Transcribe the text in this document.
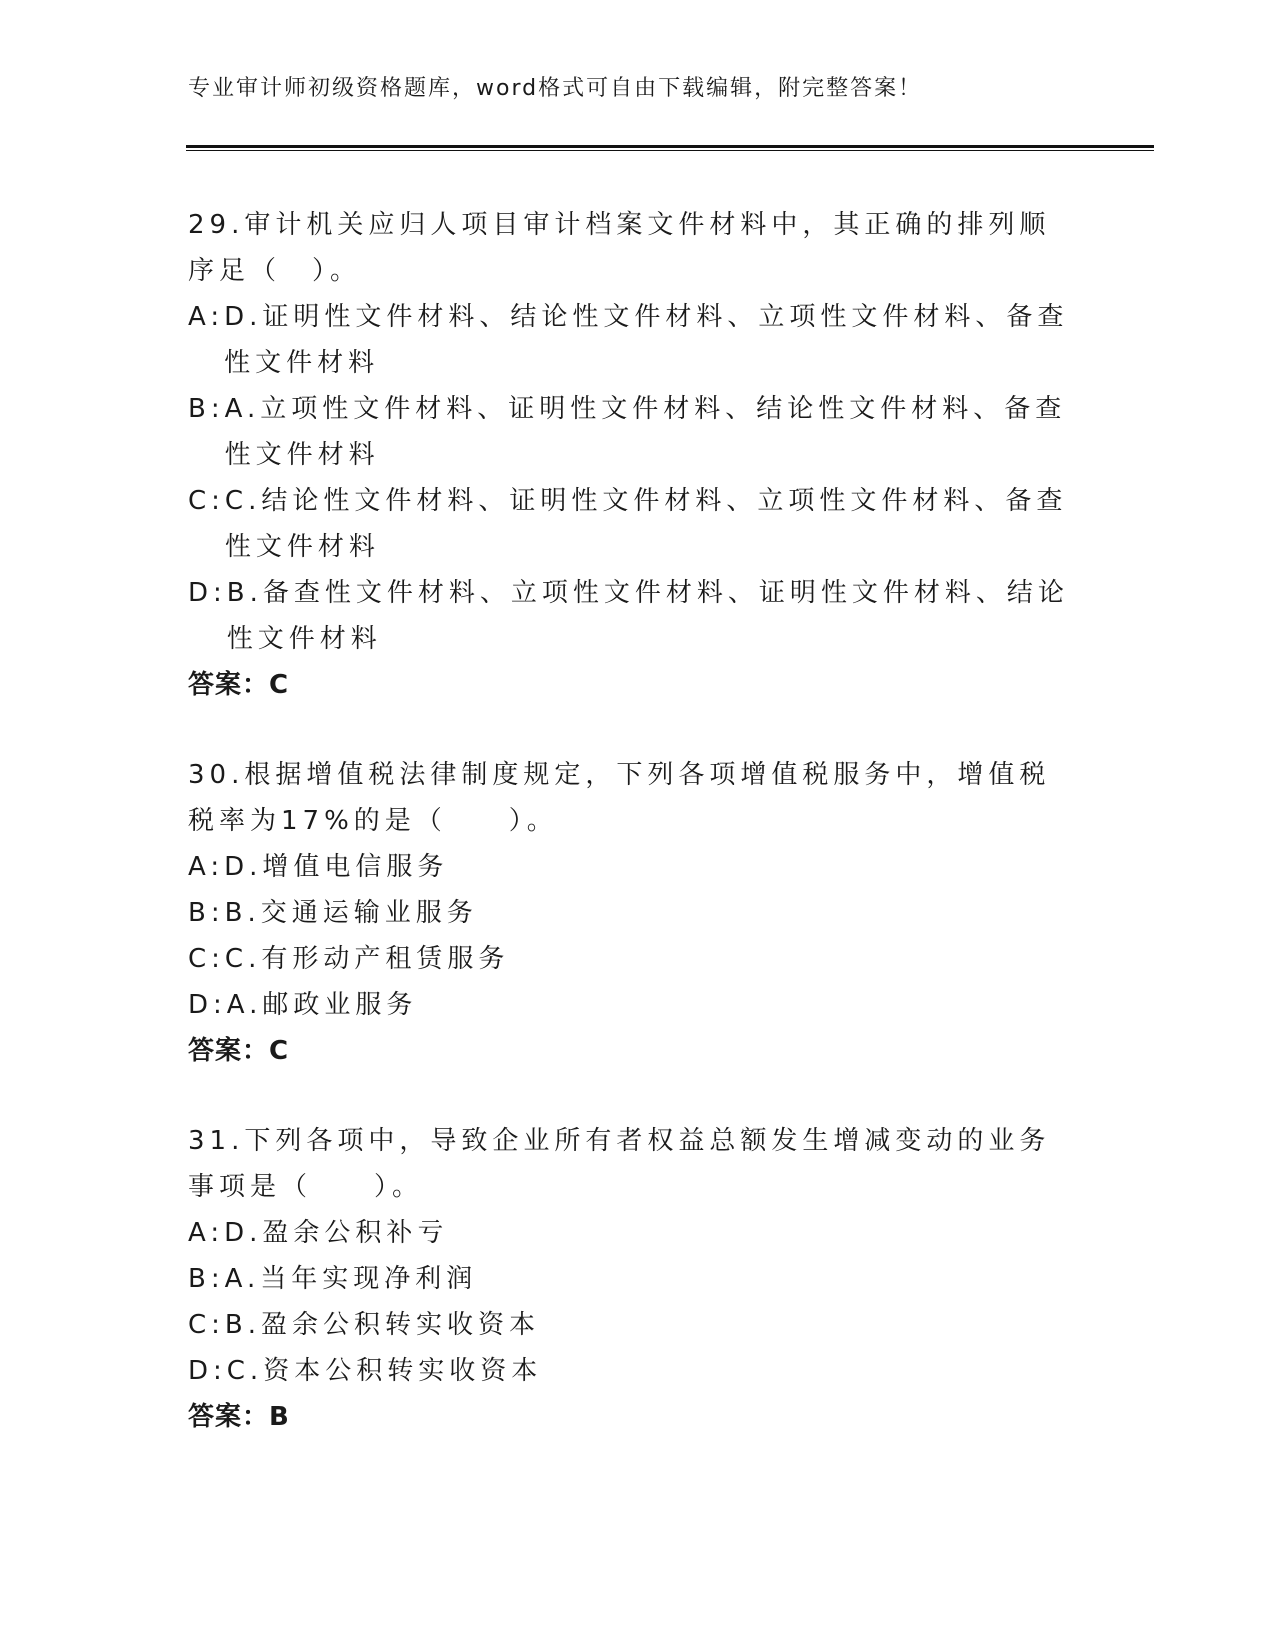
专业审计师初级资格题库，word格式可自由下载编辑，附完整答案！

29.审计机关应归人项目审计档案文件材料中，其正确的排列顺序足（　）。

A: D.证明性文件材料、结论性文件材料、立项性文件材料、备查性文件材料

B: A.立项性文件材料、证明性文件材料、结论性文件材料、备查性文件材料

C: C.结论性文件材料、证明性文件材料、立项性文件材料、备查性文件材料

D: B.备查性文件材料、立项性文件材料、证明性文件材料、结论性文件材料

答案：C

30.根据增值税法律制度规定，下列各项增值税服务中，增值税税率为17%的是（　　）。

A: D.增值电信服务

B: B.交通运输业服务

C: C.有形动产租赁服务

D: A.邮政业服务

答案：C

31.下列各项中，导致企业所有者权益总额发生增减变动的业务事项是（　　）。

A: D.盈余公积补亏

B: A.当年实现净利润

C: B.盈余公积转实收资本

D: C.资本公积转实收资本

答案：B
